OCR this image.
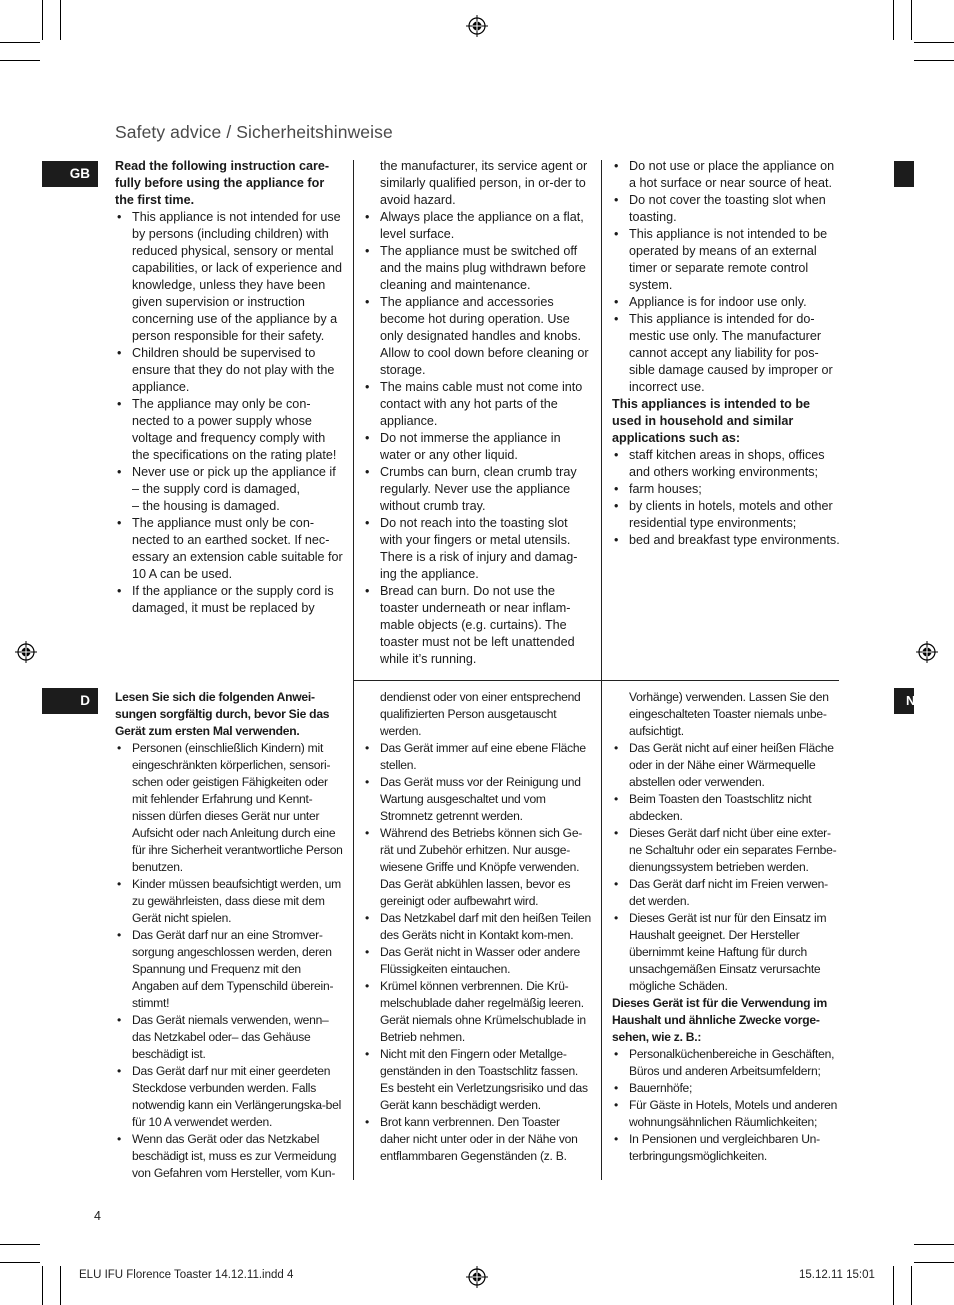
Safety advice / Sicherheitshinweise
GB
D	N

Read the following instruction care-fully before using the appliance for the first time.

• This appliance is not intended for use by persons (including children) with reduced physical, sensory or mental capabilities, or lack of experience and knowledge, unless they have been given supervision or instruction concerning use of the appliance by a person responsible for their safety.
• Children should be supervised to ensure that they do not play with the appliance.
• The appliance may only be con-nected to a power supply whose voltage and frequency comply with the specifications on the rating plate!
• Never use or pick up the appliance if
– the supply cord is damaged,
– the housing is damaged.
• The appliance must only be con-nected to an earthed socket. If nec-essary an extension cable suitable for 10 A can be used.
• If the appliance or the supply cord is damaged, it must be replaced by
the manufacturer, its service agent or similarly qualified person, in or-der to avoid hazard.
• Always place the appliance on a flat, level surface.
• The appliance must be switched off and the mains plug withdrawn before cleaning and maintenance.
• The appliance and accessories become hot during operation. Use only designated handles and knobs. Allow to cool down before cleaning or storage.
• The mains cable must not come into contact with any hot parts of the appliance.
• Do not immerse the appliance in water or any other liquid.
• Crumbs can burn, clean crumb tray regularly. Never use the appliance without crumb tray.
• Do not reach into the toasting slot with your fingers or metal utensils. There is a risk of injury and damag-ing the appliance.
• Bread can burn. Do not use the toaster underneath or near inflam-mable objects (e.g. curtains). The toaster must not be left unattended while it’s running.
• Do not use or place the appliance on a hot surface or near source of heat.
• Do not cover the toasting slot when toasting.
• This appliance is not intended to be operated by means of an external timer or separate remote control system.
• Appliance is for indoor use only.
• This appliance is intended for do-mestic use only. The manufacturer cannot accept any liability for pos-sible damage caused by improper or incorrect use.

This appliances is intended to be used in household and similar applications such as:

• staff kitchen areas in shops, offices and others working environments;
• farm houses;
• by clients in hotels, motels and other residential type environments;
• bed and breakfast type environments.

Lesen Sie sich die folgenden Anwei-sungen sorgfältig durch, bevor Sie das Gerät zum ersten Mal verwenden.

• Personen (einschließlich Kindern) mit eingeschränkten körperlichen, sensori-schen oder geistigen Fähigkeiten oder mit fehlender Erfahrung und Kennt-nissen dürfen dieses Gerät nur unter Aufsicht oder nach Anleitung durch eine für ihre Sicherheit verantwortliche Person benutzen.
• Kinder müssen beaufsichtigt werden, um zu gewährleisten, dass diese mit dem Gerät nicht spielen.
• Das Gerät darf nur an eine Stromver-sorgung angeschlossen werden, deren Spannung und Frequenz mit den Angaben auf dem Typenschild überein-stimmt!
• Das Gerät niemals verwenden, wenn– das Netzkabel oder– das Gehäuse beschädigt ist.
• Das Gerät darf nur mit einer geerdeten Steckdose verbunden werden. Falls notwendig kann ein Verlängerungska-bel für 10 A verwendet werden.
• Wenn das Gerät oder das Netzkabel beschädigt ist, muss es zur Vermeidung von Gefahren vom Hersteller, vom Kun-
dendienst oder von einer entsprechend qualifizierten Person ausgetauscht werden.
• Das Gerät immer auf eine ebene Fläche stellen.
• Das Gerät muss vor der Reinigung und Wartung ausgeschaltet und vom Stromnetz getrennt werden.
• Während des Betriebs können sich Ge-rät und Zubehör erhitzen. Nur ausge-wiesene Griffe und Knöpfe verwenden. Das Gerät abkühlen lassen, bevor es gereinigt oder aufbewahrt wird.
• Das Netzkabel darf mit den heißen Teilen des Geräts nicht in Kontakt kom-men.
• Das Gerät nicht in Wasser oder andere Flüssigkeiten eintauchen.
• Krümel können verbrennen. Die Krü-melschublade daher regelmäßig leeren. Gerät niemals ohne Krümelschublade in Betrieb nehmen.
• Nicht mit den Fingern oder Metallge-genständen in den Toastschlitz fassen. Es besteht ein Verletzungsrisiko und das Gerät kann beschädigt werden.
• Brot kann verbrennen. Den Toaster daher nicht unter oder in der Nähe von entflammbaren Gegenständen (z. B.
Vorhänge) verwenden. Lassen Sie den eingeschalteten Toaster niemals unbe-aufsichtigt.
• Das Gerät nicht auf einer heißen Fläche oder in der Nähe einer Wärmequelle abstellen oder verwenden.
• Beim Toasten den Toastschlitz nicht abdecken.
• Dieses Gerät darf nicht über eine exter-ne Schaltuhr oder ein separates Fernbe-dienungssystem betrieben werden.
• Das Gerät darf nicht im Freien verwen-det werden.
• Dieses Gerät ist nur für den Einsatz im Haushalt geeignet. Der Hersteller übernimmt keine Haftung für durch unsachgemäßen Einsatz verursachte mögliche Schäden.

Dieses Gerät ist für die Verwendung im Haushalt und ähnliche Zwecke vorge-sehen, wie z. B.:

• Personalküchenbereiche in Geschäften, Büros und anderen Arbeitsumfeldern;
• Bauernhöfe;
• Für Gäste in Hotels, Motels und anderen wohnungsähnlichen Räumlichkeiten;
• In Pensionen und vergleichbaren Un-terbringungsmöglichkeiten.
4
ELU IFU Florence Toaster 14.12.11.indd 4	15.12.11 15:01
